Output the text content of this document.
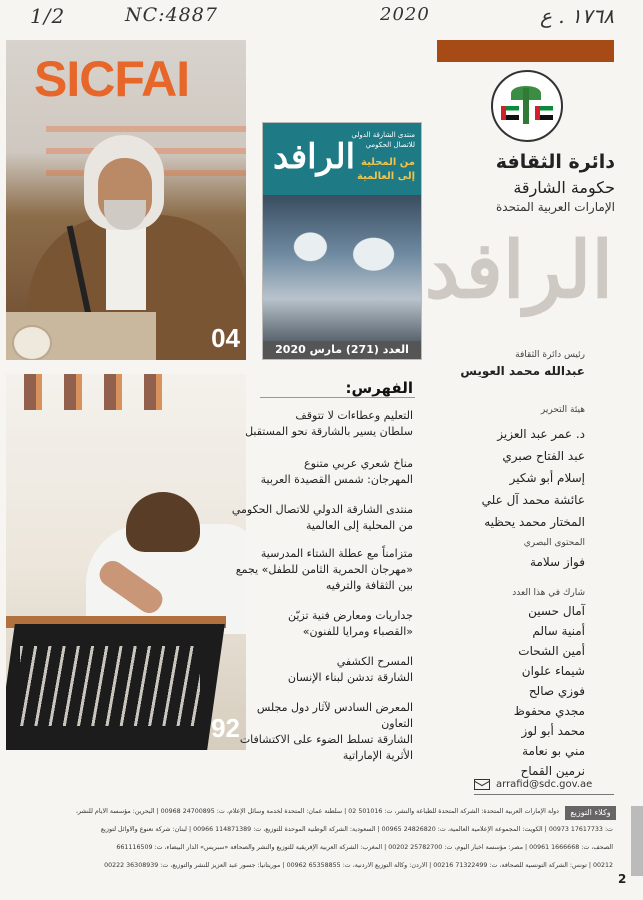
1/2	NC:4887	2020	١٧٦٨ . ع
SICFAI
04
الرافد
منتدى الشارقة الدولي
للاتصال الحكومي
من المحلية
إلى العالمية
العدد (271) مارس 2020
دائرة الثقافة
حكومة الشارقة
الإمارات العربية المتحدة
الرافد
رئيس دائرة الثقافة
عبدالله محمد العويس
هيئة التحرير
د. عمر عبد العزيز
عبد الفتاح صبري
إسلام أبو شكير
عائشة محمد آل علي
المختار محمد يحظيه
المحتوى البصري
فواز سلامة
شارك في هذا العدد
آمال حسين
أمنية سالم
أمين الشحات
شيماء علوان
فوزي صالح
مجدي محفوظ
محمد أبو لوز
مني بو نعامة
نرمين القماح
92
الفهرس:
التعليم وعطاءات لا تتوقف
سلطان يسير بالشارقة نحو المستقبل
مناخ شعري عربي متنوع
المهرجان: شمس القصيدة العربية
منتدى الشارقة الدولي للاتصال الحكومي
من المحلية إلى العالمية
متزامناً مع عطلة الشتاء المدرسية
«مهرجان الحمرية الثامن للطفل» يجمع
بين الثقافة والترفيه
جداريات ومعارض فنية تزيّن
«القصباء ومرايا للفنون»
المسرح الكشفي
الشارقة تدشن لبناء الإنسان
المعرض السادس لآثار دول مجلس التعاون
الشارقة تسلط الضوء على الاكتشافات
الأثرية الإماراتية
arrafid@sdc.gov.ae
وكلاء التوزيع
دولة الإمارات العربية المتحدة: الشركة المتحدة للطباعة والنشر، ت: 501016 02 | سلطنة عمان: المتحدة لخدمة وسائل الإعلام، ت: 24700895 00968 | البحرين: مؤسسة الأيام للنشر،
ت: 17617733 00973 | الكويت: المجموعة الإعلامية العالمية، ت: 24826820 00965 | السعودية: الشركة الوطنية الموحدة للتوزيع، ت: 114871389 00966 | لبنان: شركة نعنوع والأوائل لتوزيع
الصحف، ت: 1666668 00961 | مصر: مؤسسة أخبار اليوم، ت: 25782700 00202 | المغرب: الشركة العربية الإفريقية للتوزيع والنشر والصحافة «سبريس» الدار البيضاء، ت: 661116509
00212 | تونس: الشركة التونسية للصحافة، ت: 71322499 00216 | الأردن: وكالة التوزيع الأردنية، ت: 65358855 00962 | موريتانيا: جسور عبد العزيز للنشر والتوزيع، ت: 36308939 00222
2
